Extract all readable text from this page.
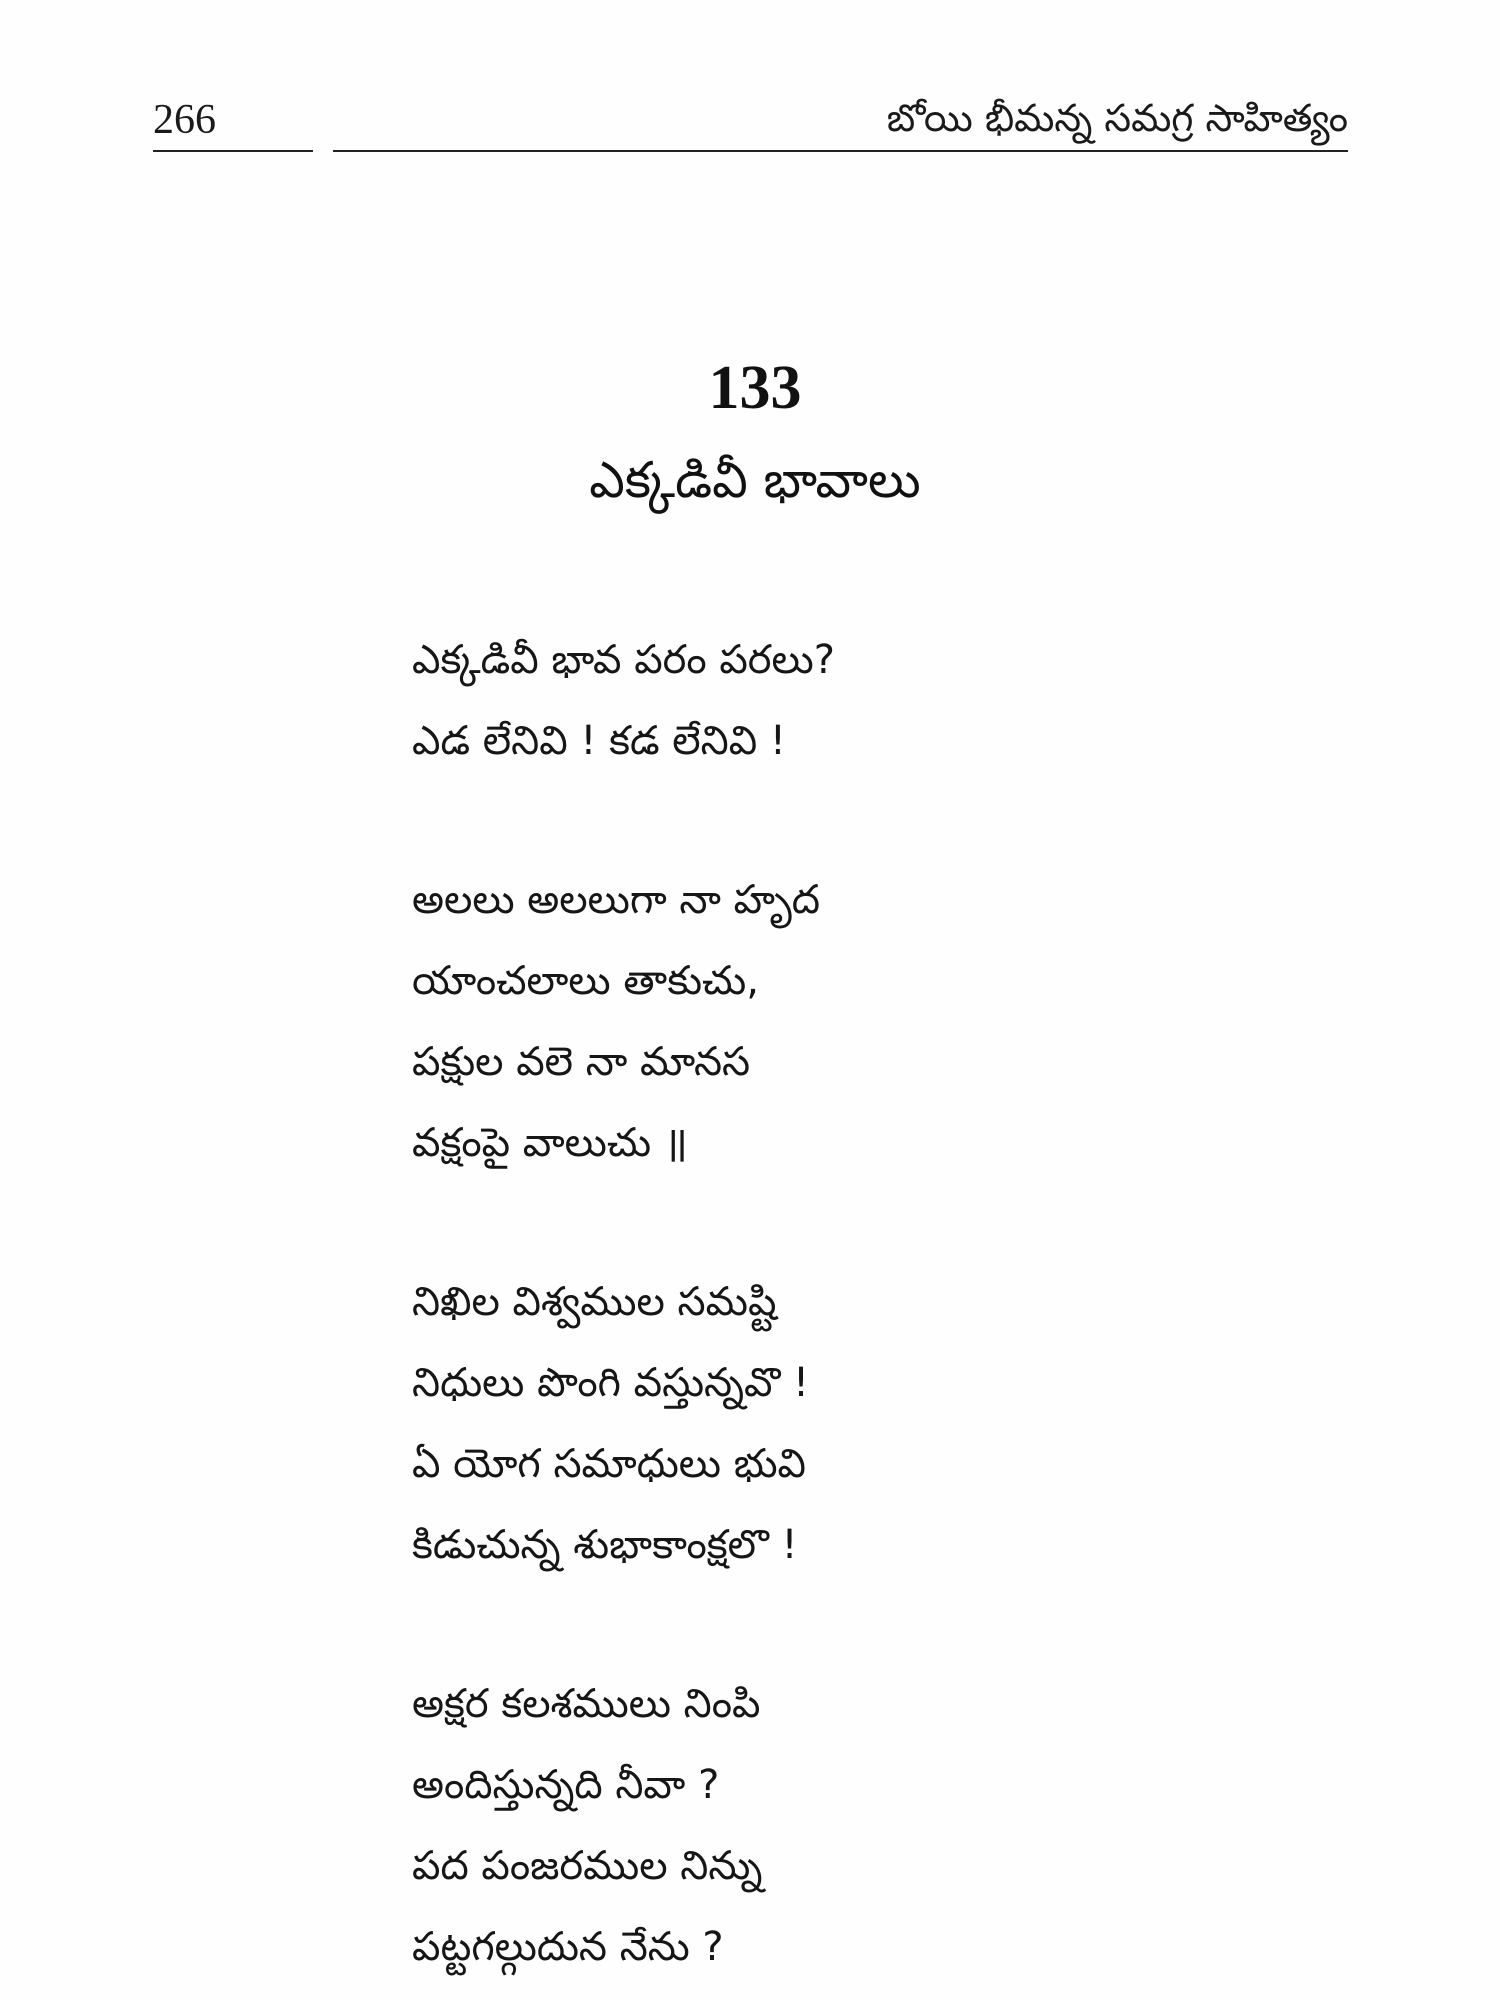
266	బోయి భీమన్న సమగ్ర సాహిత్యం
133
ఎక్కడివీ భావాలు
ఎక్కడివీ భావ పరం పరలు?
ఎడ లేనివి ! కడ లేనివి !
అలలు అలలుగా నా హృద
యాంచలాలు తాకుచు,
పక్షుల వలె నా మానస
వక్షంపై వాలుచు ॥
నిఖిల విశ్వముల సమష్టి
నిధులు పొంగి వస్తున్నవొ !
ఏ యోగ సమాధులు భువి
కిడుచున్న శుభాకాంక్షలొ !
అక్షర కలశములు నింపి
అందిస్తున్నది నీవా ?
పద పంజరముల నిన్ను
పట్టగల్గుదున నేను ?
